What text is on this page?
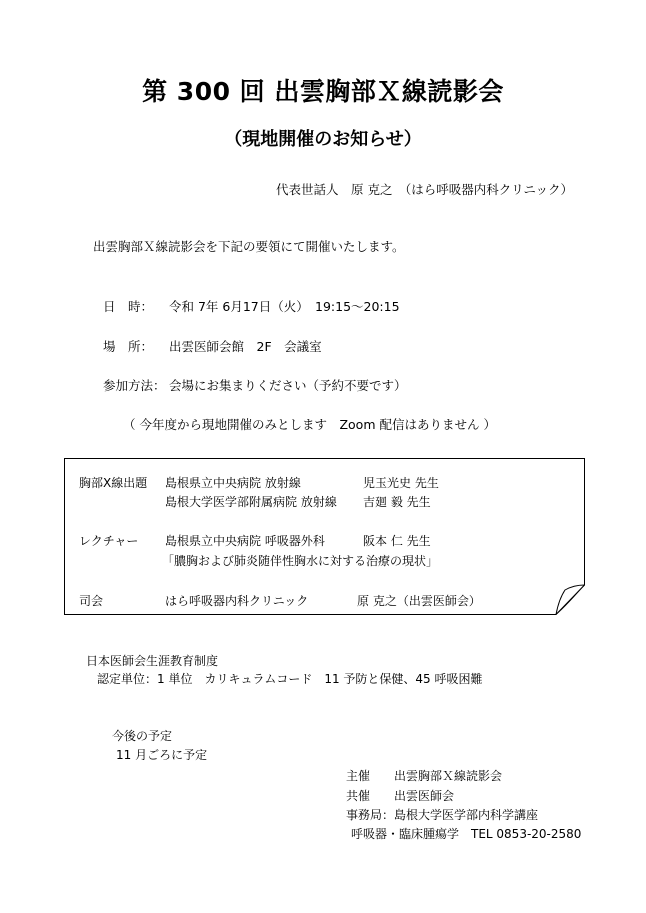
第 300 回 出雲胸部Ｘ線読影会
（現地開催のお知らせ）
代表世話人　原 克之　（はら呼吸器内科クリニック）
出雲胸部Ｘ線読影会を下記の要領にて開催いたします。
日　時： 令和 7年 6月17日（火）　19:15～20:15
場　所： 出雲医師会館　2F　会議室
参加方法： 会場にお集まりください（予約不要です）
（ 今年度から現地開催のみとします　Zoom 配信はありません ）
胸部X線出題 島根県立中央病院 放射線	児玉光史 先生
島根大学医学部附属病院 放射線 吉廻 毅 先生
レクチャー 島根県立中央病院 呼吸器外科	阪本 仁 先生
「膿胸および肺炎随伴性胸水に対する治療の現状」
司会	はら呼吸器内科クリニック	原 克之（出雲医師会）
日本医師会生涯教育制度
認定単位：1 単位　カリキュラムコード　11 予防と保健、45 呼吸困難
今後の予定
11 月ごろに予定
主催　　出雲胸部Ｘ線読影会
共催　　出雲医師会
事務局：島根大学医学部内科学講座
呼吸器・臨床腫瘍学　TEL 0853-20-2580
